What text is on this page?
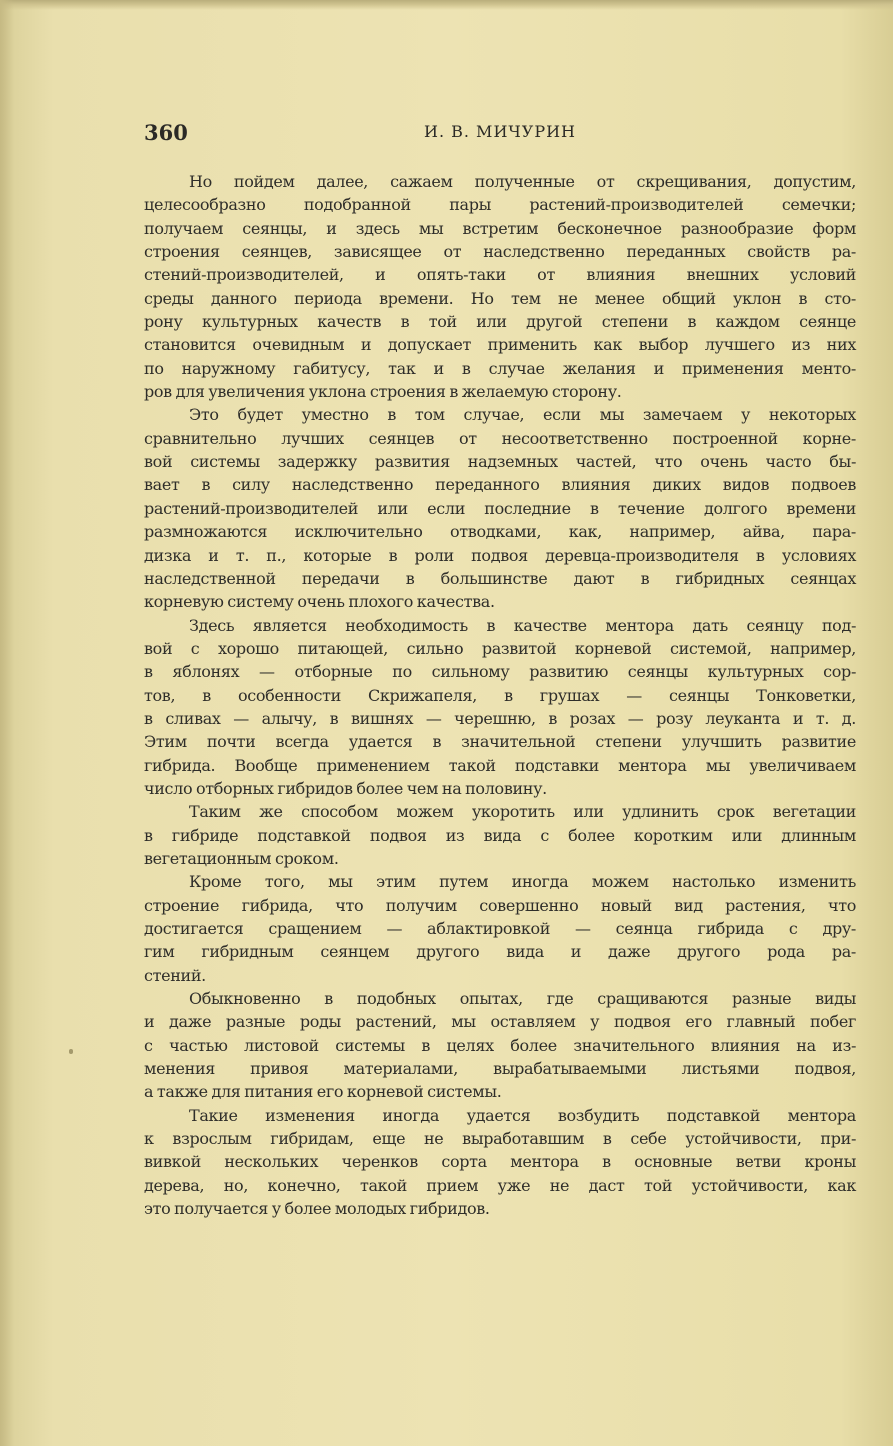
360	И. В. МИЧУРИН
Но пойдем далее, сажаем полученные от скрещивания, допустим,
целесообразно подобранной пары растений-производителей семечки;
получаем сеянцы, и здесь мы встретим бесконечное разнообразие форм
строения сеянцев, зависящее от наследственно переданных свойств ра-
стений-производителей, и опять-таки от влияния внешних условий
среды данного периода времени. Но тем не менее общий уклон в сто-
рону культурных качеств в той или другой степени в каждом сеянце
становится очевидным и допускает применить как выбор лучшего из них
по наружному габитусу, так и в случае желания и применения менто-
ров для увеличения уклона строения в желаемую сторону.
Это будет уместно в том случае, если мы замечаем у некоторых
сравнительно лучших сеянцев от несоответственно построенной корне-
вой системы задержку развития надземных частей, что очень часто бы-
вает в силу наследственно переданного влияния диких видов подвоев
растений-производителей или если последние в течение долгого времени
размножаются исключительно отводками, как, например, айва, пара-
дизка и т. п., которые в роли подвоя деревца-производителя в условиях
наследственной передачи в большинстве дают в гибридных сеянцах
корневую систему очень плохого качества.
Здесь является необходимость в качестве ментора дать сеянцу под-
вой с хорошо питающей, сильно развитой корневой системой, например,
в яблонях — отборные по сильному развитию сеянцы культурных сор-
тов, в особенности Скрижапеля, в грушах — сеянцы Тонковетки,
в сливах — алычу, в вишнях — черешню, в розах — розу леуканта и т. д.
Этим почти всегда удается в значительной степени улучшить развитие
гибрида. Вообще применением такой подставки ментора мы увеличиваем
число отборных гибридов более чем на половину.
Таким же способом можем укоротить или удлинить срок вегетации
в гибриде подставкой подвоя из вида с более коротким или длинным
вегетационным сроком.
Кроме того, мы этим путем иногда можем настолько изменить
строение гибрида, что получим совершенно новый вид растения, что
достигается сращением — аблактировкой — сеянца гибрида с дру-
гим гибридным сеянцем другого вида и даже другого рода ра-
стений.
Обыкновенно в подобных опытах, где сращиваются разные виды
и даже разные роды растений, мы оставляем у подвоя его главный побег
с частью листовой системы в целях более значительного влияния на из-
менения привоя материалами, вырабатываемыми листьями подвоя,
а также для питания его корневой системы.
Такие изменения иногда удается возбудить подставкой ментора
к взрослым гибридам, еще не выработавшим в себе устойчивости, при-
вивкой нескольких черенков сорта ментора в основные ветви кроны
дерева, но, конечно, такой прием уже не даст той устойчивости, как
это получается у более молодых гибридов.
